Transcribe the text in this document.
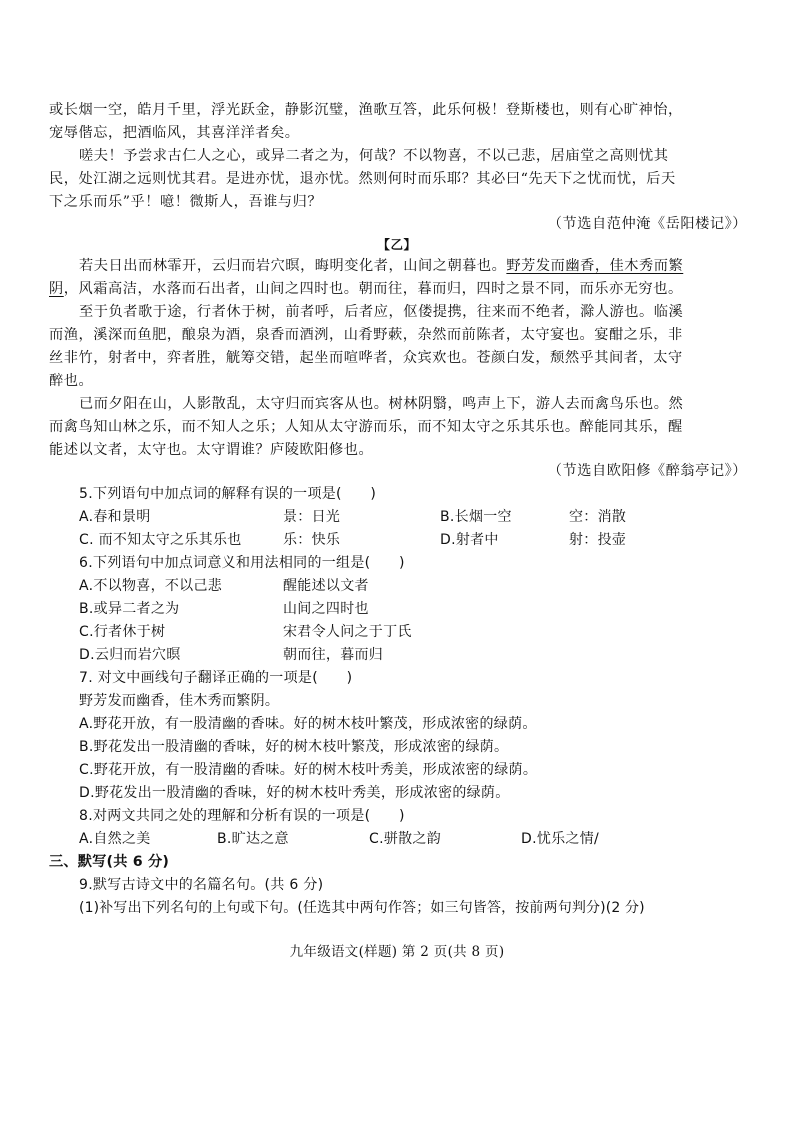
或长烟一空，皓月千里，浮光跃金，静影沉璧，渔歌互答，此乐何极！登斯楼也，则有心旷神怡，
宠辱偕忘，把酒临风，其喜洋洋者矣。
嗟夫！予尝求古仁人之心，或异二者之为，何哉？不以物喜，不以己悲，居庙堂之高则忧其
民，处江湖之远则忧其君。是进亦忧，退亦忧。然则何时而乐耶？其必曰“先天下之忧而忧，后天
下之乐而乐”乎！噫！微斯人，吾谁与归？
（节选自范仲淹《岳阳楼记》）
【乙】
若夫日出而林霏开，云归而岩穴暝，晦明变化者，山间之朝暮也。野芳发而幽香，佳木秀而繁
阴，风霜高洁，水落而石出者，山间之四时也。朝而往，暮而归，四时之景不同，而乐亦无穷也。
至于负者歌于途，行者休于树，前者呼，后者应，伛偻提携，往来而不绝者，滁人游也。临溪
而渔，溪深而鱼肥，酿泉为酒，泉香而酒洌，山肴野蔌，杂然而前陈者，太守宴也。宴酣之乐，非
丝非竹，射者中，弈者胜，觥筹交错，起坐而喧哗者，众宾欢也。苍颜白发，颓然乎其间者，太守
醉也。
已而夕阳在山，人影散乱，太守归而宾客从也。树林阴翳，鸣声上下，游人去而禽鸟乐也。然
而禽鸟知山林之乐，而不知人之乐；人知从太守游而乐，而不知太守之乐其乐也。醉能同其乐，醒
能述以文者，太守也。太守谓谁？庐陵欧阳修也。
（节选自欧阳修《醉翁亭记》）
5.下列语句中加点词的解释有误的一项是(　　)
A.春和景明	景：日光	B.长烟一空	空：消散
C. 而不知太守之乐其乐也	乐：快乐	D.射者中	射：投壶
6.下列语句中加点词意义和用法相同的一组是(　　)
A.不以物喜，不以己悲	醒能述以文者
B.或异二者之为	山间之四时也
C.行者休于树	宋君令人问之于丁氏
D.云归而岩穴暝	朝而往，暮而归
7. 对文中画线句子翻译正确的一项是(　　)
野芳发而幽香，佳木秀而繁阴。
A.野花开放，有一股清幽的香味。好的树木枝叶繁茂，形成浓密的绿荫。
B.野花发出一股清幽的香味，好的树木枝叶繁茂，形成浓密的绿荫。
C.野花开放，有一股清幽的香味。好的树木枝叶秀美，形成浓密的绿荫。
D.野花发出一股清幽的香味，好的树木枝叶秀美，形成浓密的绿荫。
8.对两文共同之处的理解和分析有误的一项是(　　)
A.自然之美	B.旷达之意	C.骈散之韵	D.忧乐之情/
三、默写(共 6 分)
9.默写古诗文中的名篇名句。(共 6 分)
(1)补写出下列名句的上句或下句。(任选其中两句作答；如三句皆答，按前两句判分)(2 分)
九年级语文(样题) 第 2 页(共 8 页)
